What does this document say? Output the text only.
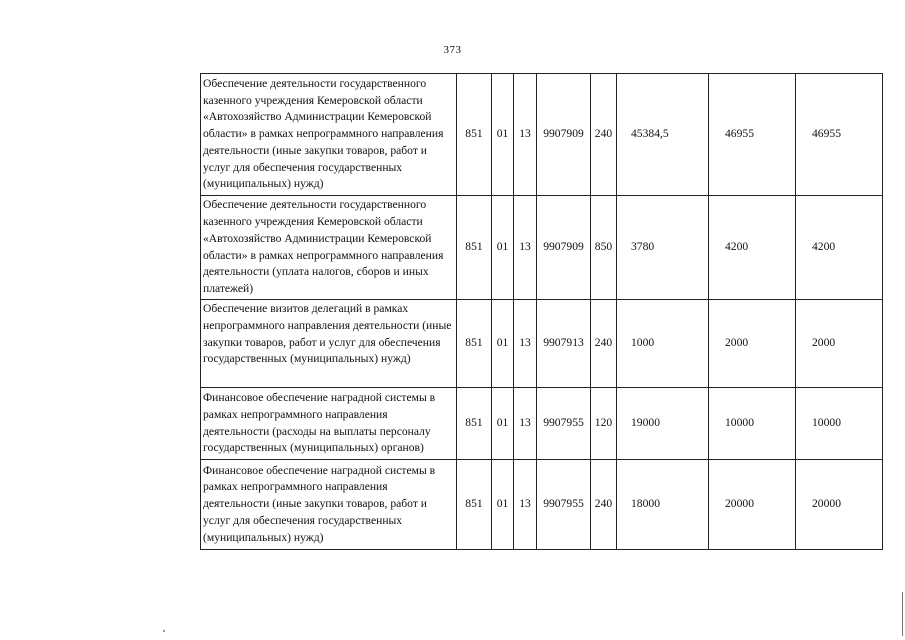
373
Обеспечение деятельности государственного казенного учреждения Кемеровской области «Автохозяйство Администрации Кемеровской области» в рамках непрограммного направления деятельности (иные закупки товаров, работ и услуг для обеспечения государственных (муниципальных) нужд)	851	01	13	9907909	240	45384,5	46955	46955
Обеспечение деятельности государственного казенного учреждения Кемеровской области «Автохозяйство Администрации Кемеровской области» в рамках непрограммного направления деятельности (уплата налогов, сборов и иных платежей)	851	01	13	9907909	850	3780	4200	4200
Обеспечение визитов делегаций в рамках непрограммного направления деятельности (иные закупки товаров, работ и услуг для обеспечения государственных (муниципальных) нужд)	851	01	13	9907913	240	1000	2000	2000
Финансовое обеспечение наградной системы в рамках непрограммного направления деятельности (расходы на выплаты персоналу государственных (муниципальных) органов)	851	01	13	9907955	120	19000	10000	10000
Финансовое обеспечение наградной системы в рамках непрограммного направления деятельности (иные закупки товаров, работ и услуг для обеспечения государственных (муниципальных) нужд)	851	01	13	9907955	240	18000	20000	20000
